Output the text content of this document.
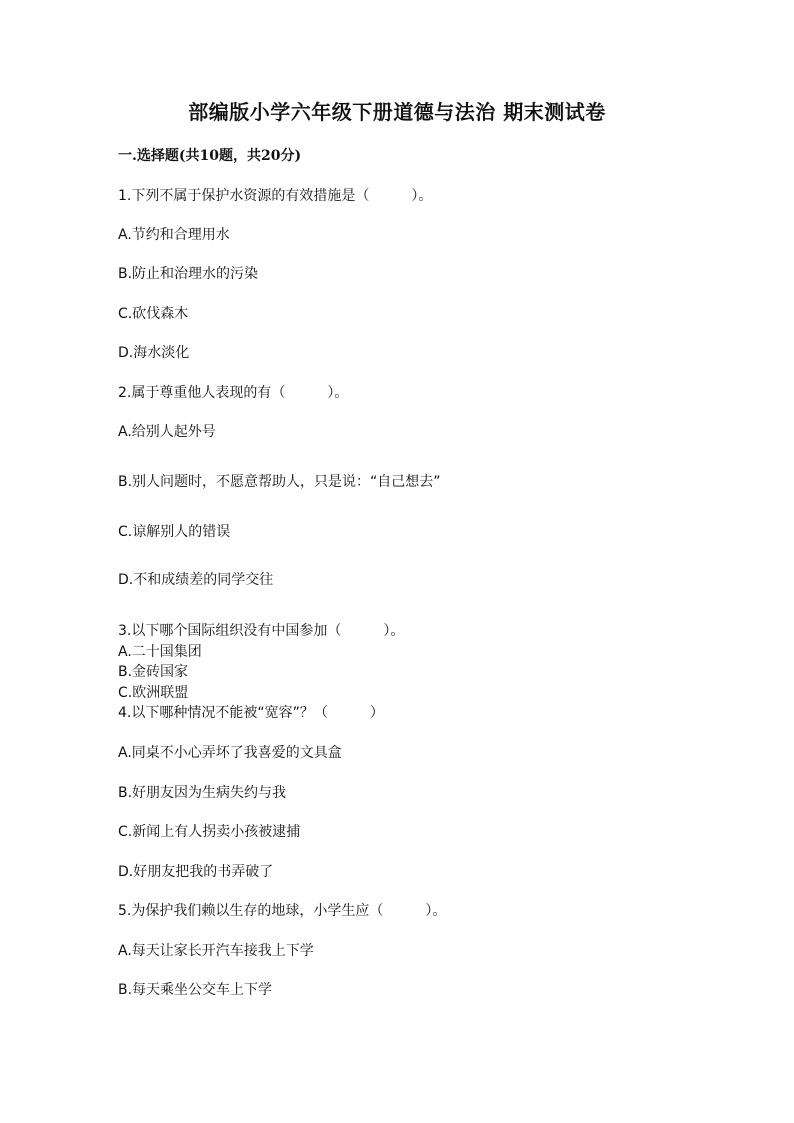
部编版小学六年级下册道德与法治 期末测试卷
一.选择题(共10题，共20分)
1.下列不属于保护水资源的有效措施是（　　　）。
A.节约和合理用水
B.防止和治理水的污染
C.砍伐森木
D.海水淡化
2.属于尊重他人表现的有（　　　）。
A.给别人起外号
B.别人问题时，不愿意帮助人，只是说：“自己想去”
C.谅解别人的错误
D.不和成绩差的同学交往
3.以下哪个国际组织没有中国参加（　　　）。
A.二十国集团
B.金砖国家
C.欧洲联盟
4.以下哪种情况不能被“宽容”？（　　　）
A.同桌不小心弄坏了我喜爱的文具盒
B.好朋友因为生病失约与我
C.新闻上有人拐卖小孩被逮捕
D.好朋友把我的书弄破了
5.为保护我们赖以生存的地球，小学生应（　　　）。
A.每天让家长开汽车接我上下学
B.每天乘坐公交车上下学
